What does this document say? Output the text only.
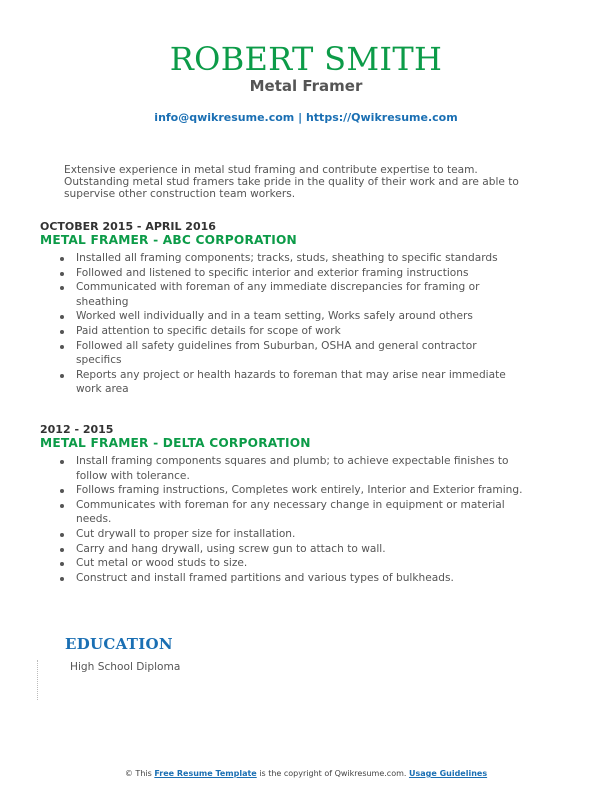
ROBERT SMITH
Metal Framer
info@qwikresume.com | https://Qwikresume.com
Extensive experience in metal stud framing and contribute expertise to team. Outstanding metal stud framers take pride in the quality of their work and are able to supervise other construction team workers.
OCTOBER 2015 - APRIL 2016
METAL FRAMER - ABC CORPORATION
Installed all framing components; tracks, studs, sheathing to specific standards
Followed and listened to specific interior and exterior framing instructions
Communicated with foreman of any immediate discrepancies for framing or sheathing
Worked well individually and in a team setting, Works safely around others
Paid attention to specific details for scope of work
Followed all safety guidelines from Suburban, OSHA and general contractor specifics
Reports any project or health hazards to foreman that may arise near immediate work area
2012 - 2015
METAL FRAMER - DELTA CORPORATION
Install framing components squares and plumb; to achieve expectable finishes to follow with tolerance.
Follows framing instructions, Completes work entirely, Interior and Exterior framing.
Communicates with foreman for any necessary change in equipment or material needs.
Cut drywall to proper size for installation.
Carry and hang drywall, using screw gun to attach to wall.
Cut metal or wood studs to size.
Construct and install framed partitions and various types of bulkheads.
EDUCATION
High School Diploma
© This Free Resume Template is the copyright of Qwikresume.com. Usage Guidelines
